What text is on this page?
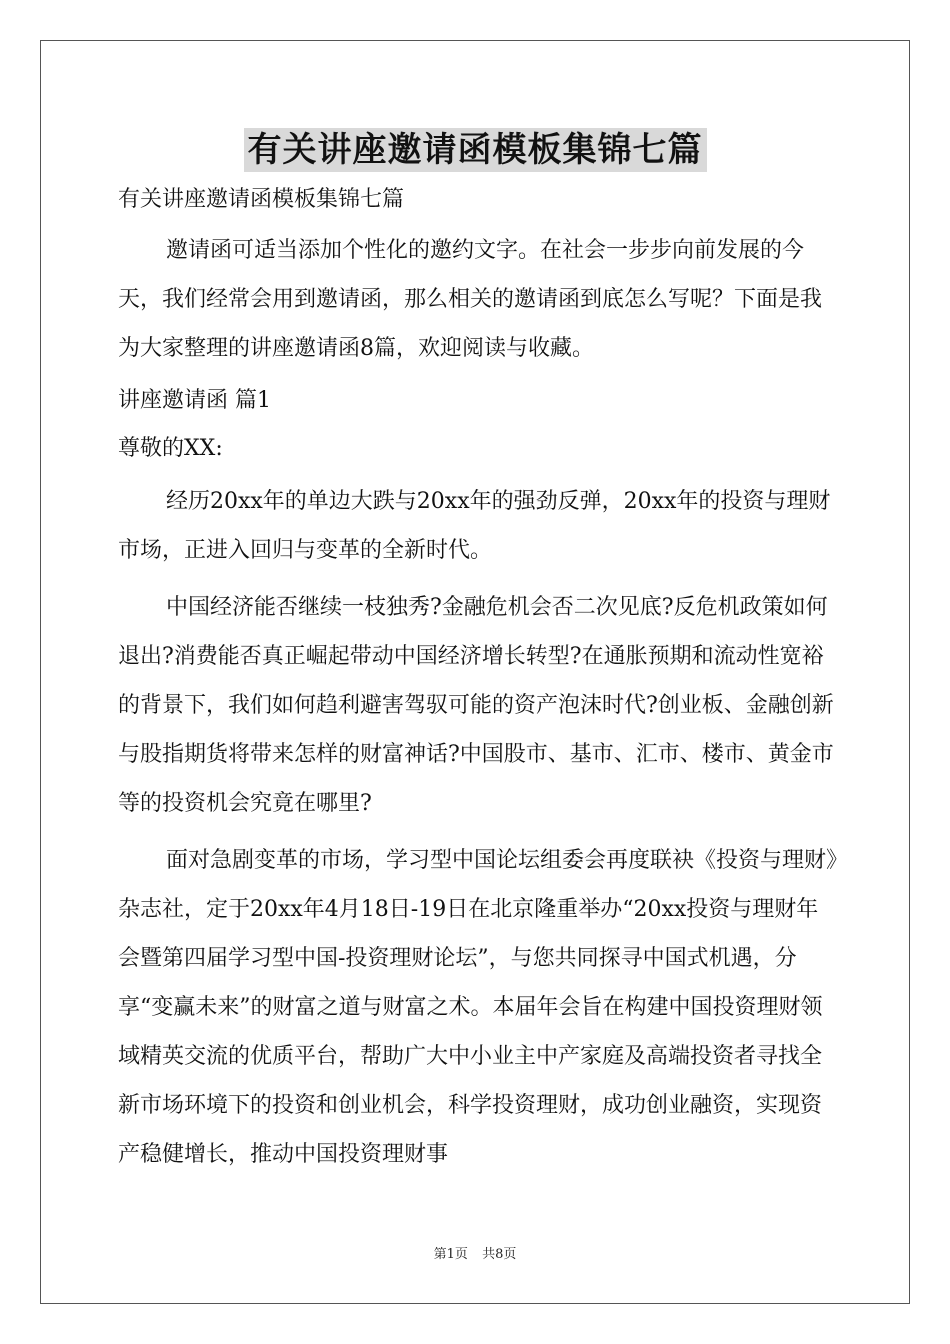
有关讲座邀请函模板集锦七篇
有关讲座邀请函模板集锦七篇

邀请函可适当添加个性化的邀约文字。在社会一步步向前发展的今天，我们经常会用到邀请函，那么相关的邀请函到底怎么写呢？下面是我为大家整理的讲座邀请函8篇，欢迎阅读与收藏。

讲座邀请函 篇1
尊敬的XX:

经历20xx年的单边大跌与20xx年的强劲反弹，20xx年的投资与理财市场，正进入回归与变革的全新时代。

中国经济能否继续一枝独秀?金融危机会否二次见底?反危机政策如何退出?消费能否真正崛起带动中国经济增长转型?在通胀预期和流动性宽裕的背景下，我们如何趋利避害驾驭可能的资产泡沫时代?创业板、金融创新与股指期货将带来怎样的财富神话?中国股市、基市、汇市、楼市、黄金市等的投资机会究竟在哪里?

面对急剧变革的市场，学习型中国论坛组委会再度联袂《投资与理财》杂志社，定于20xx年4月18日-19日在北京隆重举办“20xx投资与理财年会暨第四届学习型中国-投资理财论坛”，与您共同探寻中国式机遇，分享“变赢未来”的财富之道与财富之术。本届年会旨在构建中国投资理财领域精英交流的优质平台，帮助广大中小业主中产家庭及高端投资者寻找全新市场环境下的投资和创业机会，科学投资理财，成功创业融资，实现资产稳健增长，推动中国投资理财事

第1页 共8页
